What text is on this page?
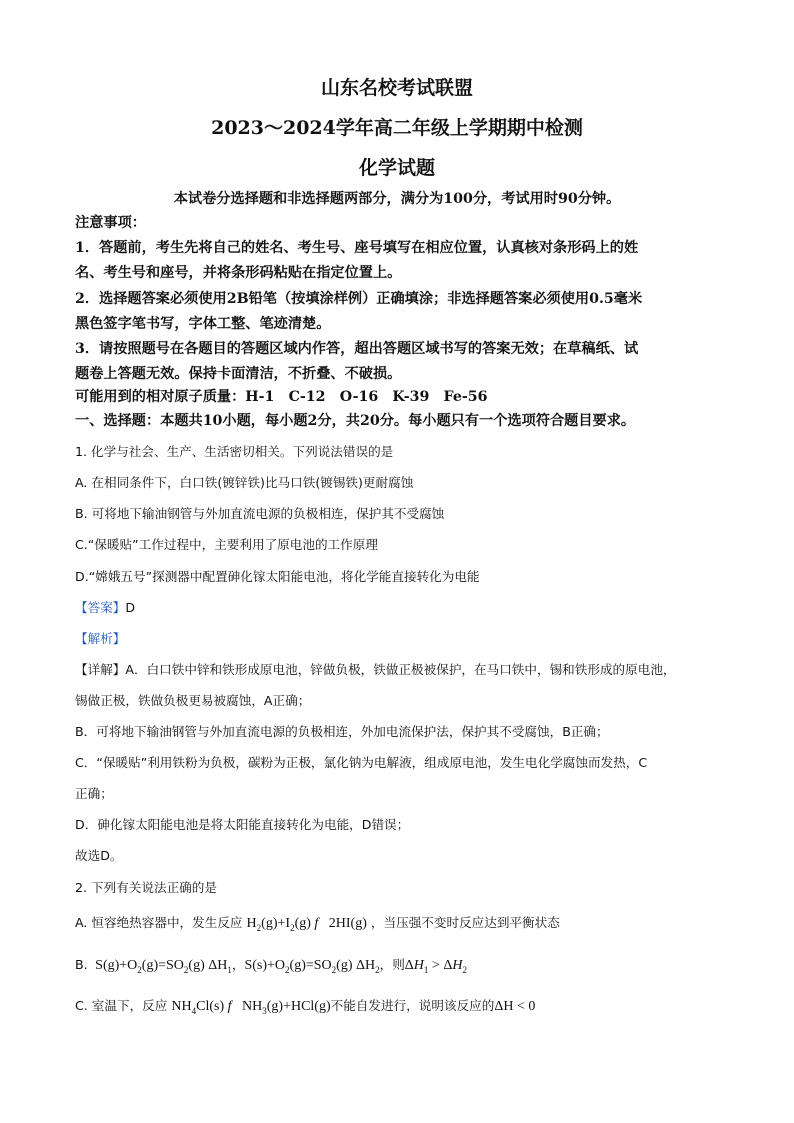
山东名校考试联盟
2023～2024学年高二年级上学期期中检测
化学试题
本试卷分选择题和非选择题两部分，满分为100分，考试用时90分钟。
注意事项：
1．答题前，考生先将自己的姓名、考生号、座号填写在相应位置，认真核对条形码上的姓
名、考生号和座号，并将条形码粘贴在指定位置上。
2．选择题答案必须使用2B铅笔（按填涂样例）正确填涂；非选择题答案必须使用0.5毫米
黑色签字笔书写，字体工整、笔迹清楚。
3．请按照题号在各题目的答题区域内作答，超出答题区域书写的答案无效；在草稿纸、试
题卷上答题无效。保持卡面清洁，不折叠、不破损。
可能用到的相对原子质量：H-1　C-12　O-16　K-39　Fe-56
一、选择题：本题共10小题，每小题2分，共20分。每小题只有一个选项符合题目要求。
1. 化学与社会、生产、生活密切相关。下列说法错误的是
A. 在相同条件下，白口铁(镀锌铁)比马口铁(镀锡铁)更耐腐蚀
B. 可将地下输油钢管与外加直流电源的负极相连，保护其不受腐蚀
C.“保暖贴”工作过程中，主要利用了原电池的工作原理
D.“嫦娥五号”探测器中配置砷化镓太阳能电池，将化学能直接转化为电能
【答案】D
【解析】
【详解】A．白口铁中锌和铁形成原电池，锌做负极，铁做正极被保护，在马口铁中，锡和铁形成的原电池，
锡做正极，铁做负极更易被腐蚀，A正确；
B．可将地下输油钢管与外加直流电源的负极相连，外加电流保护法，保护其不受腐蚀，B正确；
C．“保暖贴”利用铁粉为负极，碳粉为正极，氯化钠为电解液，组成原电池，发生电化学腐蚀而发热，C
正确；
D．砷化镓太阳能电池是将太阳能直接转化为电能，D错误；
故选D。
2. 下列有关说法正确的是
A. 恒容绝热容器中，发生反应 $H_2(g)+I_2(g)$ f   2HI(g) ，当压强不变时反应达到平衡状态
B.  $S(g)+O_2(g)=SO_2(g)$ $\Delta H_1$，$S(s)+O_2(g)=SO_2(g)$ $\Delta H_2$，则$\Delta H_1 > \Delta H_2$
C. 室温下，反应 $NH_4Cl(s)$ f   $NH_3(g)+HCl(g)$不能自发进行，说明该反应的ΔH < 0
